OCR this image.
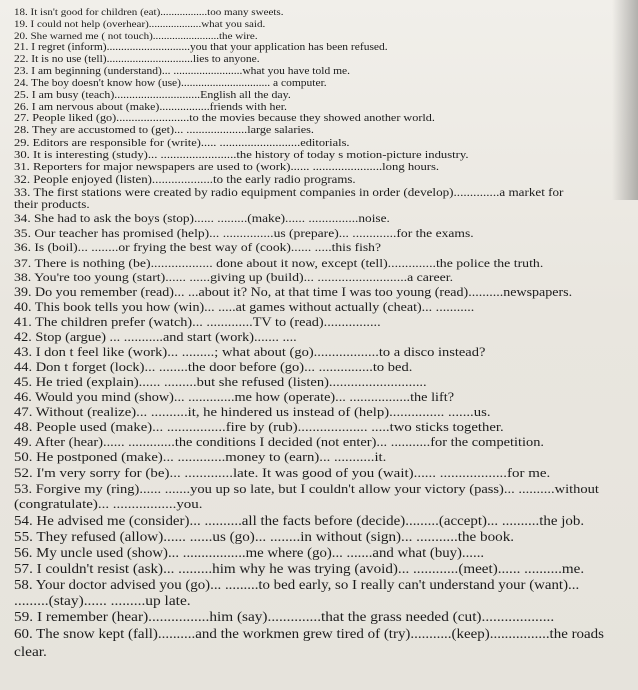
18. It isn't good for children (eat).................too many sweets.
19. I could not help (overhear)...................what you said.
20. She warned me ( not touch)........................the wire.
21. I regret (inform).............................you that your application has been refused.
22. It is no use (tell)..............................lies to anyone.
23. I am beginning (understand)... ........................what you have told me.
24. The boy doesn't know how (use)............................... a computer.
25. I am busy (teach).............................English all the day.
26. I am nervous about (make).................friends with her.
27. People liked (go)........................to the movies because they showed another world.
28. They are accustomed to (get)... ....................large salaries.
29. Editors are responsible for (write)..... ..........................editorials.
30. It is interesting (study)... ........................the history of today s motion-picture industry.
31. Reporters for major newspapers are used to (work)...... ......................long hours.
32. People enjoyed (listen)...................to the early radio programs.
33. The first stations were created by radio equipment companies in order (develop)..............a market for
their products.
34. She had to ask the boys (stop)...... .........(make)...... ...............noise.
35. Our teacher has promised (help)... ...............us (prepare)... .............for the exams.
36. Is (boil)... ........or frying the best way of (cook)...... .....this fish?
37. There is nothing (be).................. done about it now, except (tell)..............the police the truth.
38. You're too young (start)...... ......giving up (build)... ..........................a career.
39. Do you remember (read)... ...about it? No, at that time I was too young (read)..........newspapers.
40. This book tells you how (win)... .....at games without actually (cheat)... ...........
41. The children prefer (watch)... .............TV to (read)................
42. Stop (argue) ... ...........and start (work)....... ....
43. I don t feel like (work)... .........; what about (go)..................to a disco instead?
44. Don t forget (lock)... ........the door before (go)... ...............to bed.
45. He tried (explain)...... .........but she refused (listen)...........................
46. Would you mind (show)... .............me how (operate)... .................the lift?
47. Without (realize)... ..........it, he hindered us instead of (help)............... .......us.
48. People used (make)... ................fire by (rub)................... .....two sticks together.
49. After (hear)...... .............the conditions I decided (not enter)... ...........for the competition.
50. He postponed (make)... .............money to (earn)... ...........it.
52. I'm very sorry for (be)... .............late. It was good of you (wait)...... ..................for me.
53. Forgive my (ring)...... .......you up so late, but I couldn't allow your victory (pass)... ..........without
(congratulate)... .................you.
54. He advised me (consider)... ..........all the facts before (decide).........(accept)... ..........the job.
55. They refused (allow)...... ......us (go)... ........in without (sign)... ...........the book.
56. My uncle used (show)... .................me where (go)... .......and what (buy)......
57. I couldn't resist (ask)... .........him why he was trying (avoid)... ............(meet)...... ..........me.
58. Your doctor advised you (go)... .........to bed early, so I really can't understand your (want)...
.........(stay)...... .........up late.
59. I remember (hear)................him (say)..............that the grass needed (cut)...................
60. The snow kept (fall)..........and the workmen grew tired of (try)...........(keep)................the roads
clear.
